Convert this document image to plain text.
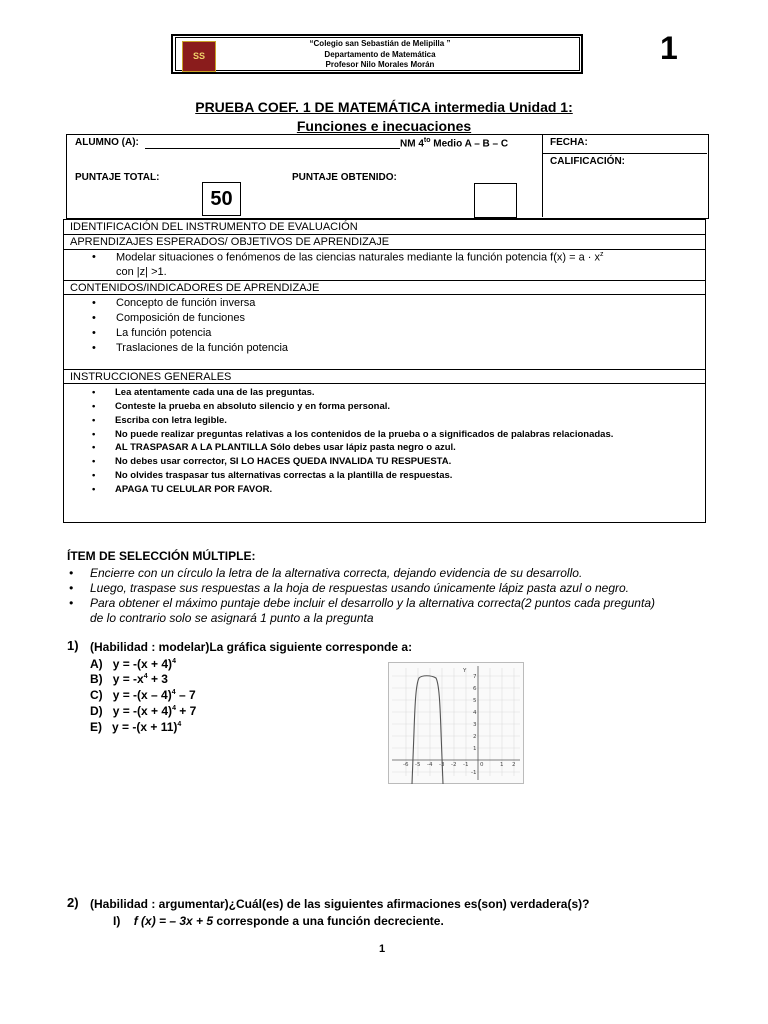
SS
“Colegio san Sebastián de Melipilla ”
Departamento de Matemática
Profesor Nilo Morales Morán	1
PRUEBA COEF. 1 DE MATEMÁTICA intermedia Unidad 1:
Funciones e inecuaciones
ALUMNO (A):	NM $4^{to}$ Medio A – B – C	FECHA:
CALIFICACIÓN:
PUNTAJE TOTAL:	PUNTAJE OBTENIDO:
50
IDENTIFICACIÓN DEL INSTRUMENTO DE EVALUACIÓN
APRENDIZAJES ESPERADOS/ OBJETIVOS DE APRENDIZAJE
• Modelar situaciones o fenómenos de las ciencias naturales mediante la función potencia $f(x) = a \cdot x^z$
con |z| >1.
CONTENIDOS/INDICADORES DE APRENDIZAJE
• Concepto de función inversa
• Composición de funciones
• La función potencia
• Traslaciones de la función potencia
INSTRUCCIONES GENERALES
• Lea atentamente cada una de las preguntas.
• Conteste la prueba en absoluto silencio y en forma personal.
• Escriba con letra legible.
• No puede realizar preguntas relativas a los contenidos de la prueba o a significados de palabras relacionadas.
• AL TRASPASAR A LA PLANTILLA Sólo debes usar lápiz pasta negro o azul.
• No debes usar corrector, SI LO HACES QUEDA INVALIDA TU RESPUESTA.
• No olvides traspasar tus alternativas correctas a la plantilla de respuestas.
• APAGA TU CELULAR POR FAVOR.
ÍTEM DE SELECCIÓN MÚLTIPLE:
• Encierre con un círculo la letra de la alternativa correcta, dejando evidencia de su desarrollo.
• Luego, traspase sus respuestas a la hoja de respuestas usando únicamente lápiz pasta azul o negro.
• Para obtener el máximo puntaje debe incluir el desarrollo y la alternativa correcta(2 puntos cada pregunta)
de lo contrario solo se asignará 1 punto a la pregunta
1) (Habilidad : modelar)La gráfica siguiente corresponde a:
A) $y = -(x + 4)^4$
B) $y = -x^4 + 3$
C) y = -(x – 4)$^4$ – 7
D) $y = -(x + 4)^4 + 7$
E) $y = -(x + 11)^4$
Y
-6 -5 -4 -3 -2 -1 0	1 2
7
6
5
4
3
2
1
-1
2) (Habilidad : argumentar)¿Cuál(es) de las siguientes afirmaciones es(son) verdadera(s)?
I) f (x) = – 3x + 5 corresponde a una función decreciente.
1
